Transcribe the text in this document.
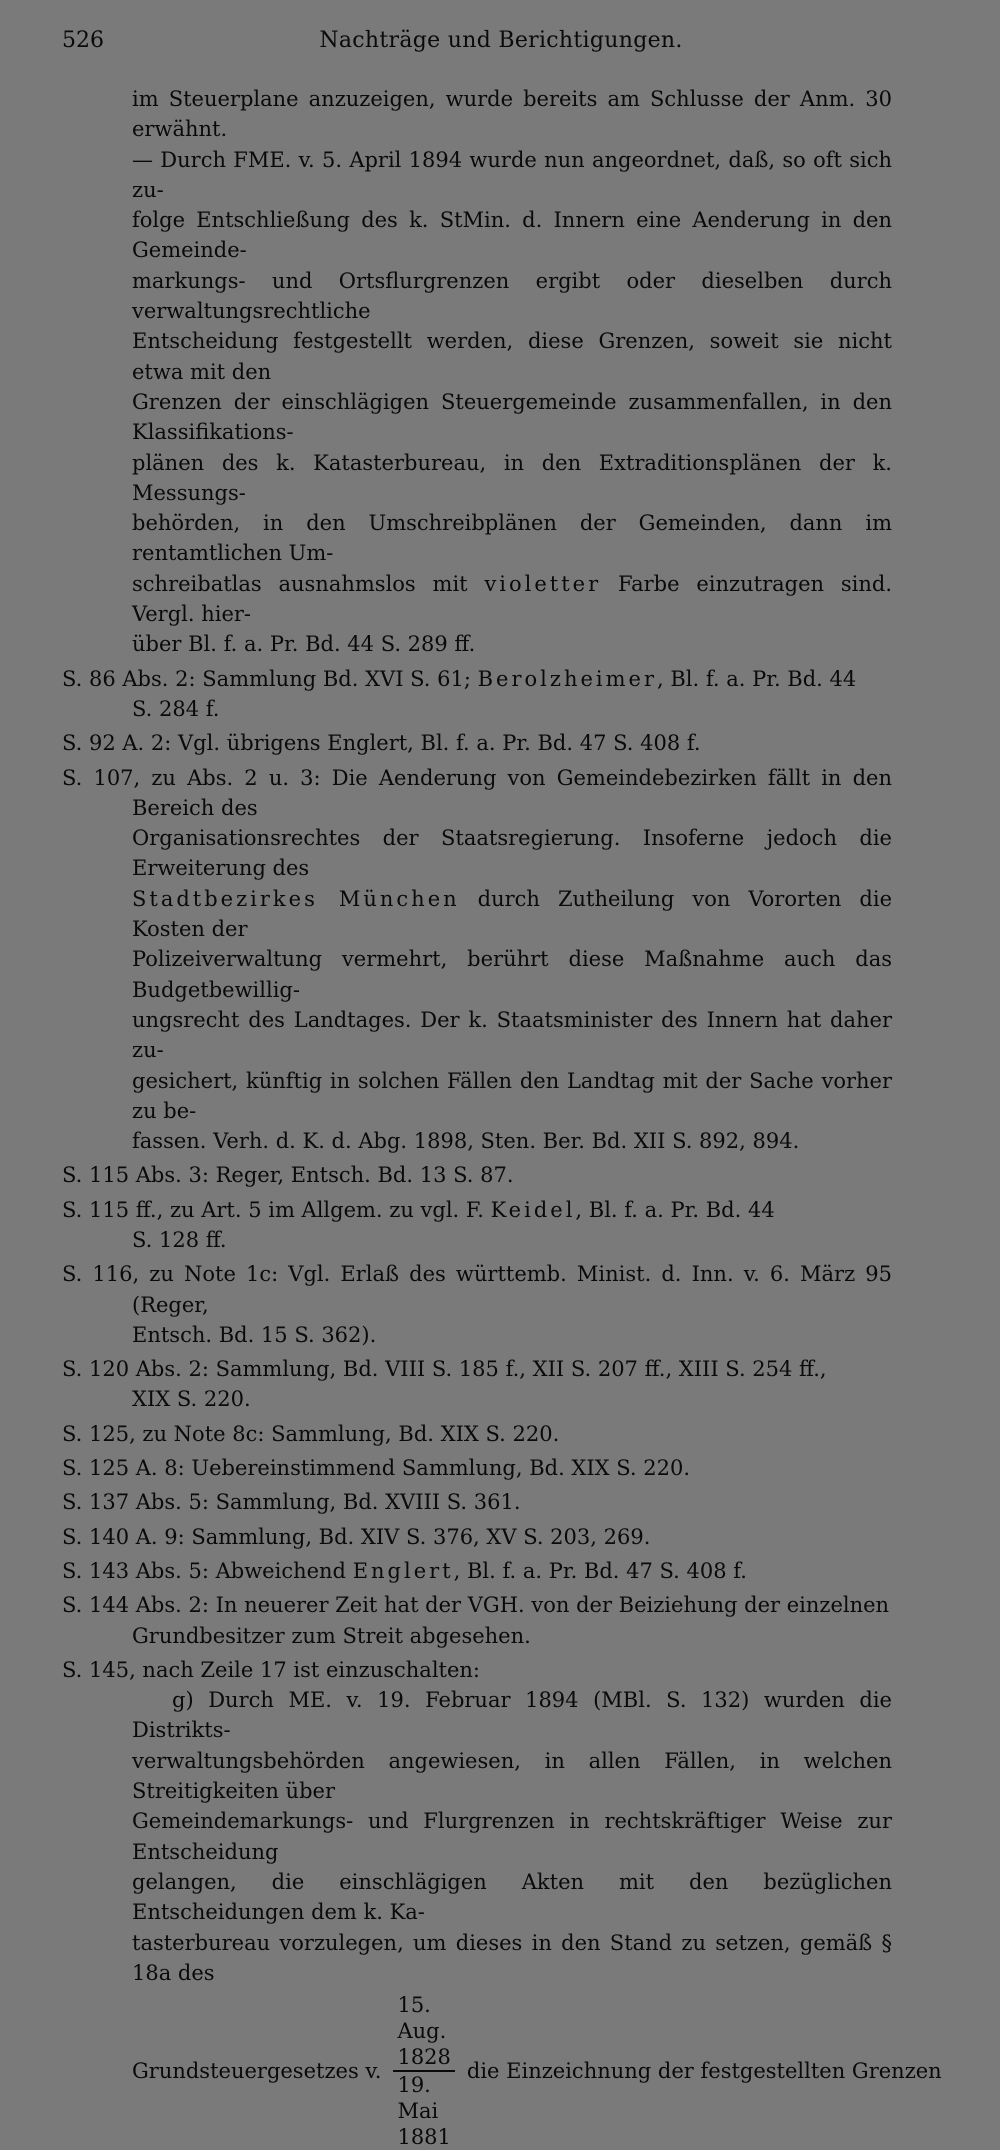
526	Nachträge und Berichtigungen.
im Steuerplane anzuzeigen, wurde bereits am Schlusse der Anm. 30 erwähnt.
— Durch FME. v. 5. April 1894 wurde nun angeordnet, daß, so oft sich zu-
folge Entschließung des k. StMin. d. Innern eine Aenderung in den Gemeinde-
markungs- und Ortsflurgrenzen ergibt oder dieselben durch verwaltungsrechtliche
Entscheidung festgestellt werden, diese Grenzen, soweit sie nicht etwa mit den
Grenzen der einschlägigen Steuergemeinde zusammenfallen, in den Klassifikations-
plänen des k. Katasterbureau, in den Extraditionsplänen der k. Messungs-
behörden, in den Umschreibplänen der Gemeinden, dann im rentamtlichen Um-
schreibatlas ausnahmslos mit violetter Farbe einzutragen sind. Vergl. hier-
über Bl. f. a. Pr. Bd. 44 S. 289 ff.
S. 86 Abs. 2: Sammlung Bd. XVI S. 61; Berolzheimer, Bl. f. a. Pr. Bd. 44
S. 284 f.
S. 92 A. 2: Vgl. übrigens Englert, Bl. f. a. Pr. Bd. 47 S. 408 f.
S. 107, zu Abs. 2 u. 3: Die Aenderung von Gemeindebezirken fällt in den Bereich des
Organisationsrechtes der Staatsregierung. Insoferne jedoch die Erweiterung des
Stadtbezirkes München durch Zutheilung von Vororten die Kosten der
Polizeiverwaltung vermehrt, berührt diese Maßnahme auch das Budgetbewillig-
ungsrecht des Landtages. Der k. Staatsminister des Innern hat daher zu-
gesichert, künftig in solchen Fällen den Landtag mit der Sache vorher zu be-
fassen. Verh. d. K. d. Abg. 1898, Sten. Ber. Bd. XII S. 892, 894.
S. 115 Abs. 3: Reger, Entsch. Bd. 13 S. 87.
S. 115 ff., zu Art. 5 im Allgem. zu vgl. F. Keidel, Bl. f. a. Pr. Bd. 44
S. 128 ff.
S. 116, zu Note 1c: Vgl. Erlaß des württemb. Minist. d. Inn. v. 6. März 95 (Reger,
Entsch. Bd. 15 S. 362).
S. 120 Abs. 2: Sammlung, Bd. VIII S. 185 f., XII S. 207 ff., XIII S. 254 ff.,
XIX S. 220.
S. 125, zu Note 8c: Sammlung, Bd. XIX S. 220.
S. 125 A. 8: Uebereinstimmend Sammlung, Bd. XIX S. 220.
S. 137 Abs. 5: Sammlung, Bd. XVIII S. 361.
S. 140 A. 9: Sammlung, Bd. XIV S. 376, XV S. 203, 269.
S. 143 Abs. 5: Abweichend Englert, Bl. f. a. Pr. Bd. 47 S. 408 f.
S. 144 Abs. 2: In neuerer Zeit hat der VGH. von der Beiziehung der einzelnen
Grundbesitzer zum Streit abgesehen.
S. 145, nach Zeile 17 ist einzuschalten:
g) Durch ME. v. 19. Februar 1894 (MBl. S. 132) wurden die Distrikts-
verwaltungsbehörden angewiesen, in allen Fällen, in welchen Streitigkeiten über
Gemeindemarkungs- und Flurgrenzen in rechtskräftiger Weise zur Entscheidung
gelangen, die einschlägigen Akten mit den bezüglichen Entscheidungen dem k. Ka-
tasterbureau vorzulegen, um dieses in den Stand zu setzen, gemäß § 18a des
Grundsteuergesetzes v. $\frac{\text{15. Aug. 1828}}{\text{19. Mai 1881}}$ die Einzeichnung der festgestellten Grenzen
